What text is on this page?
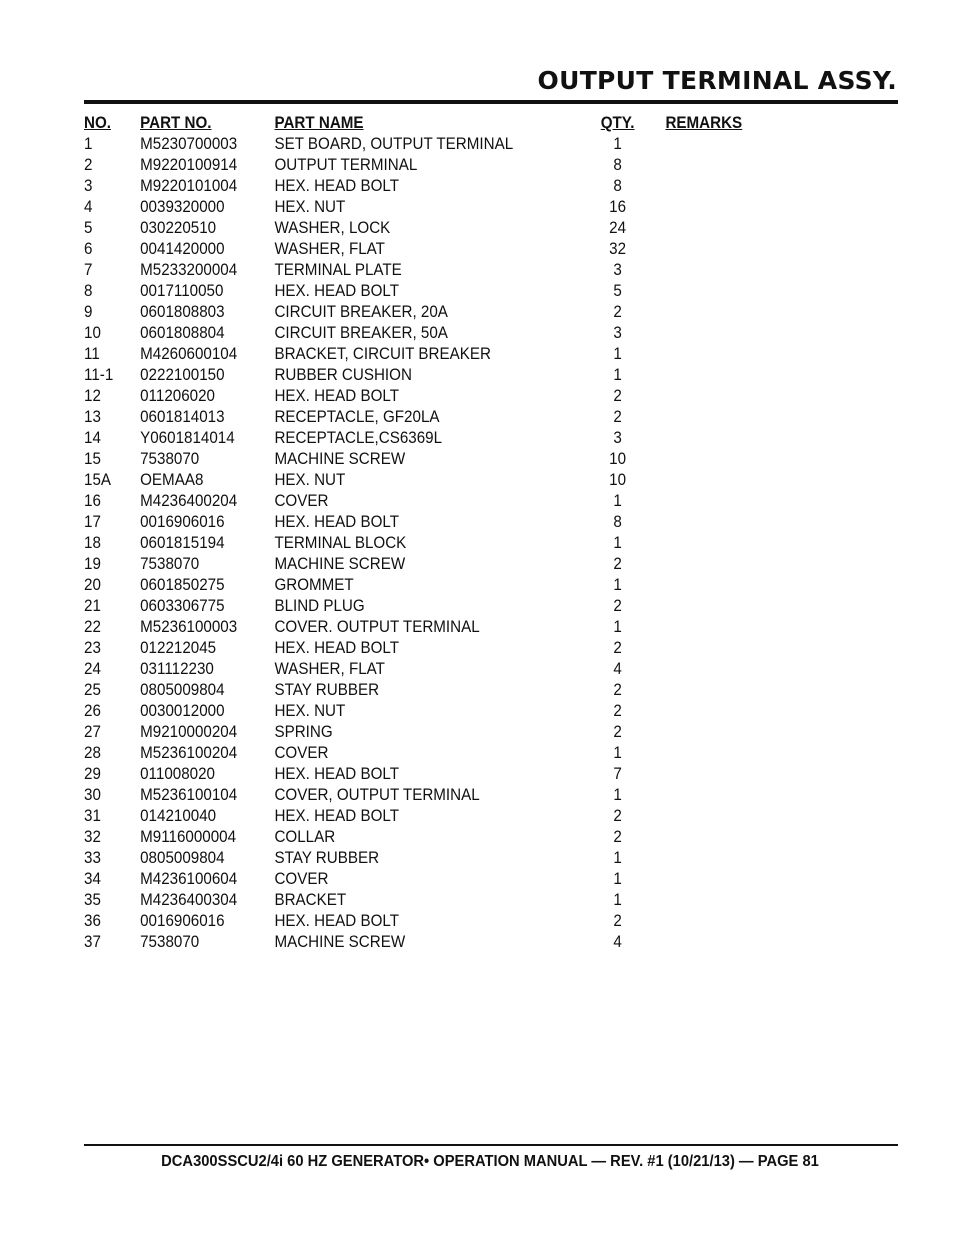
OUTPUT TERMINAL ASSY.
NO. PART NO.	PART NAME	QTY.	REMARKS
1	M5230700003 SET BOARD, OUTPUT TERMINAL	1
2	M9220100914 OUTPUT TERMINAL	8
3	M9220101004 HEX. HEAD BOLT	8
4	0039320000	HEX. NUT	16
5	030220510	WASHER, LOCK	24
6	0041420000	WASHER, FLAT	32
7	M5233200004 TERMINAL PLATE	3
8	0017110050	HEX. HEAD BOLT	5
9	0601808803	CIRCUIT BREAKER, 20A	2
10 0601808804	CIRCUIT BREAKER, 50A	3
11 M4260600104 BRACKET, CIRCUIT BREAKER	1
11-1 0222100150	RUBBER CUSHION	1
12 011206020	HEX. HEAD BOLT	2
13 0601814013	RECEPTACLE, GF20LA	2
14 Y0601814014 RECEPTACLE,CS6369L	3
15 7538070	MACHINE SCREW	10
15A OEMAA8	HEX. NUT	10
16 M4236400204 COVER	1
17 0016906016	HEX. HEAD BOLT	8
18 0601815194	TERMINAL BLOCK	1
19 7538070	MACHINE SCREW	2
20 0601850275	GROMMET	1
21 0603306775	BLIND PLUG	2
22 M5236100003 COVER. OUTPUT TERMINAL	1
23 012212045	HEX. HEAD BOLT	2
24 031112230	WASHER, FLAT	4
25 0805009804	STAY RUBBER	2
26 0030012000	HEX. NUT	2
27 M9210000204 SPRING	2
28 M5236100204 COVER	1
29 011008020	HEX. HEAD BOLT	7
30 M5236100104 COVER, OUTPUT TERMINAL	1
31 014210040	HEX. HEAD BOLT	2
32 M9116000004 COLLAR	2
33 0805009804	STAY RUBBER	1
34 M4236100604 COVER	1
35 M4236400304 BRACKET	1
36 0016906016	HEX. HEAD BOLT	2
37 7538070	MACHINE SCREW	4
DCA300SSCU2/4i 60 HZ GENERATOR• OPERATION MANUAL — REV. #1 (10/21/13) — PAGE 81
